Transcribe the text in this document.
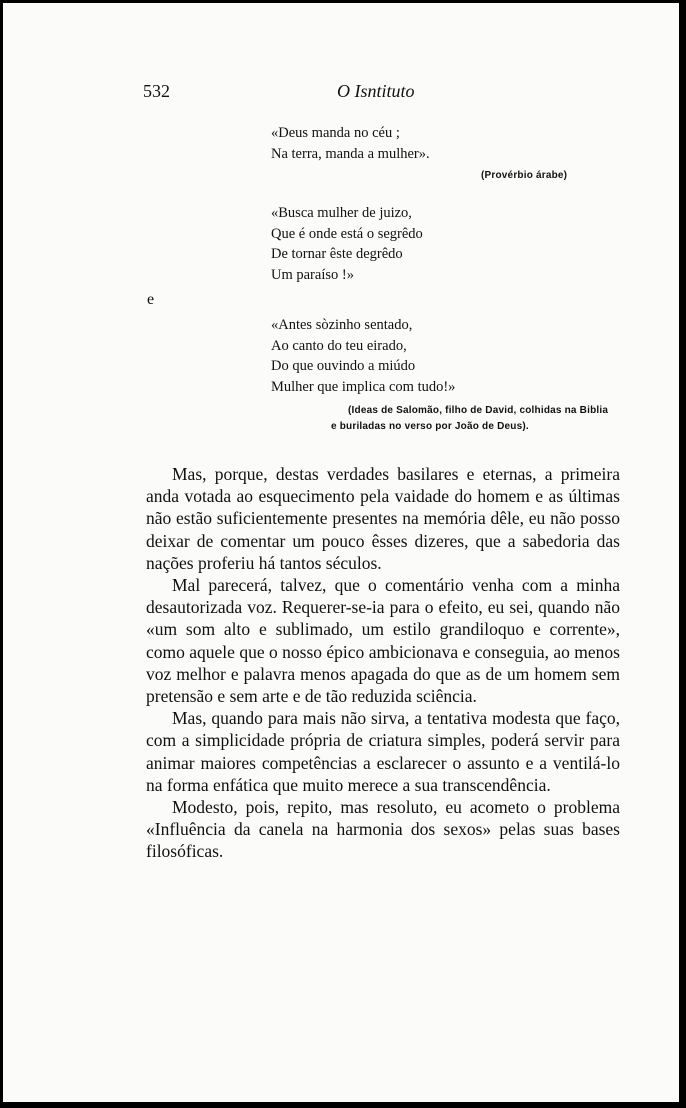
532	O Isntituto
«Deus manda no céu ;
Na terra, manda a mulher».
(Provérbio árabe)
«Busca mulher de juizo,
Que é onde está o segrêdo
De tornar êste degrêdo
Um paraíso !»
e
«Antes sòzinho sentado,
Ao canto do teu eirado,
Do que ouvindo a miúdo
Mulher que implica com tudo!»
(Ideas de Salomão, filho de David, colhidas na Biblia
e buriladas no verso por João de Deus).

Mas, porque, destas verdades basilares e eternas, a primeira anda votada ao esquecimento pela vaidade do homem e as últimas não estão suficientemente presentes na memória dêle, eu não posso deixar de comentar um pouco êsses dizeres, que a sabedoria das nações proferiu há tantos séculos.

Mal parecerá, talvez, que o comentário venha com a minha desautorizada voz. Requerer-se-ia para o efeito, eu sei, quando não «um som alto e sublimado, um estilo grandiloquo e corrente», como aquele que o nosso épico ambicionava e conseguia, ao menos voz melhor e palavra menos apagada do que as de um homem sem pretensão e sem arte e de tão reduzida sciência.

Mas, quando para mais não sirva, a tentativa modesta que faço, com a simplicidade própria de criatura simples, poderá servir para animar maiores competências a esclarecer o assunto e a ventilá-lo na forma enfática que muito merece a sua transcendência.

Modesto, pois, repito, mas resoluto, eu acometo o problema «Influência da canela na harmonia dos sexos» pelas suas bases filosóficas.
